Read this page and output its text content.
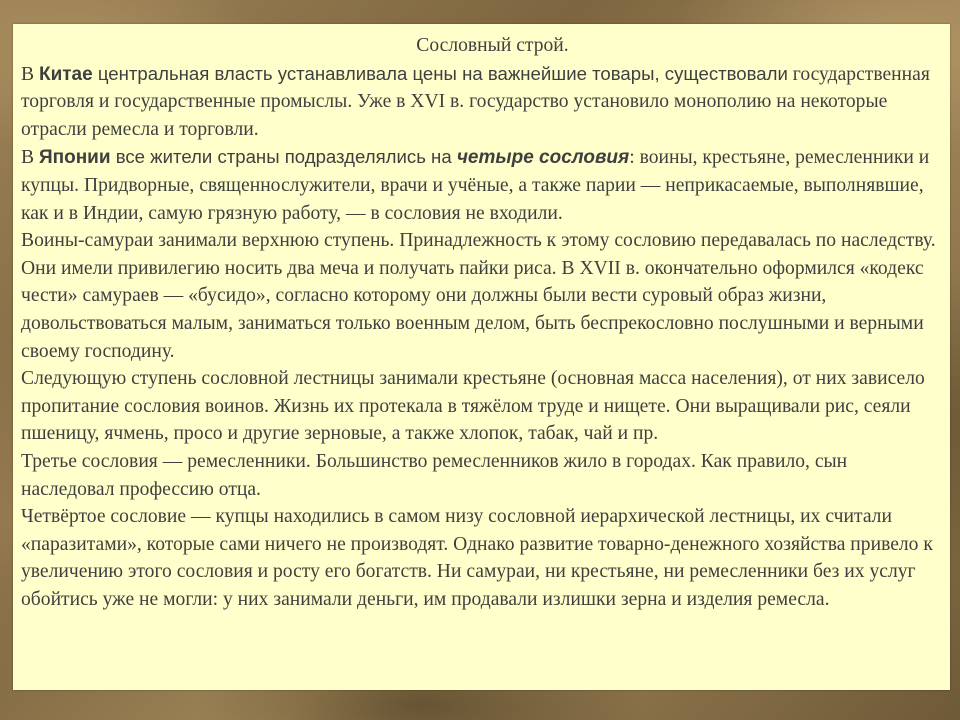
Сословный строй.

В Китае центральная власть устанавливала цены на важнейшие товары, существовали государственная торговля и государственные промыслы. Уже в XVI в. государство установило монополию на некоторые отрасли ремесла и торговли.

В Японии все жители страны подразделялись на четыре сословия: воины, крестьяне, ремесленники и купцы. Придворные, священнослужители, врачи и учёные, а также парии — неприкасаемые, выполнявшие, как и в Индии, самую грязную работу, — в сословия не входили.

Воины-самураи занимали верхнюю ступень. Принадлежность к этому сословию передавалась по наследству. Они имели привилегию носить два меча и получать пайки риса. В XVII в. окончательно оформился «кодекс чести» самураев — «бусидо», согласно которому они должны были вести суровый образ жизни, довольствоваться малым, заниматься только военным делом, быть беспрекословно послушными и верными своему господину.

Следующую ступень сословной лестницы занимали крестьяне (основная масса населения), от них зависело пропитание сословия воинов. Жизнь их протекала в тяжёлом труде и нищете. Они выращивали рис, сеяли пшеницу, ячмень, просо и другие зерновые, а также хлопок, табак, чай и пр.

Третье сословия — ремесленники. Большинство ремесленников жило в городах. Как правило, сын наследовал профессию отца.

Четвёртое сословие — купцы находились в самом низу сословной иерархической лестницы, их считали «паразитами», которые сами ничего не производят. Однако развитие товарно-денежного хозяйства привело к увеличению этого сословия и росту его богатств. Ни самураи, ни крестьяне, ни ремесленники без их услуг обойтись уже не могли: у них занимали деньги, им продавали излишки зерна и изделия ремесла.
